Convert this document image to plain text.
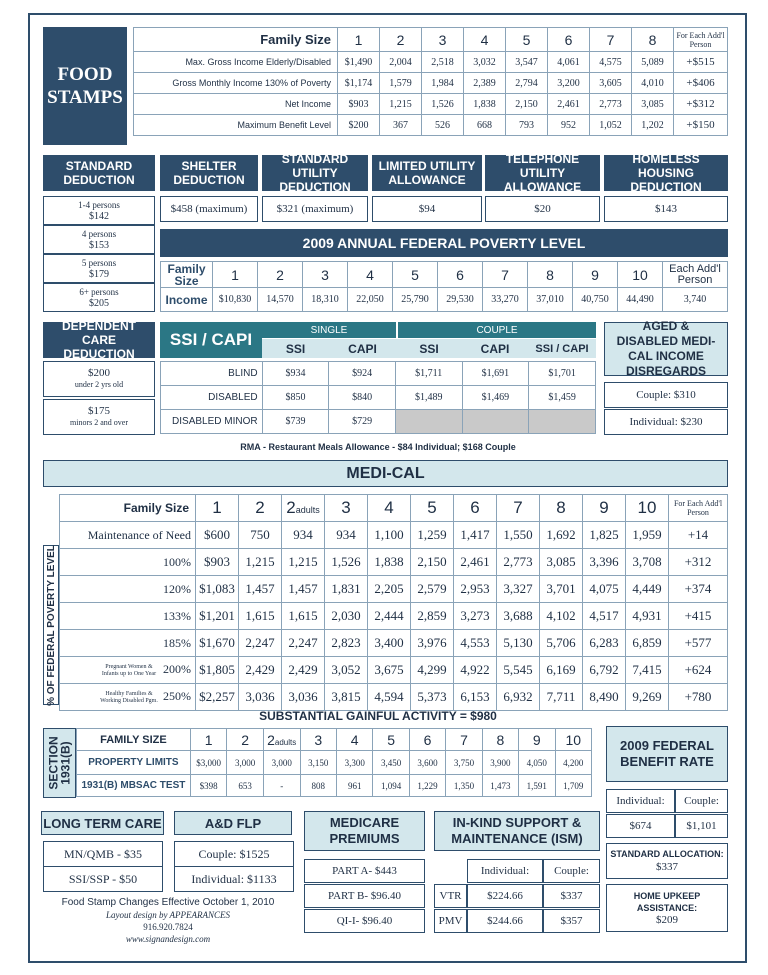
FOOD
STAMPS
Family Size	1	2	3	4	5	6	7	8	For Each Add'l Person
Max. Gross Income Elderly/Disabled	$1,490	2,004	2,518	3,032	3,547	4,061	4,575	5,089	+$515
Gross Monthly Income 130% of Poverty	$1,174	1,579	1,984	2,389	2,794	3,200	3,605	4,010	+$406
Net Income	$903	1,215	1,526	1,838	2,150	2,461	2,773	3,085	+$312
Maximum Benefit Level	$200	367	526	668	793	952	1,052	1,202	+$150
STANDARD DEDUCTION
SHELTER DEDUCTION
STANDARD UTILITY DEDUCTION
LIMITED UTILITY ALLOWANCE
TELEPHONE UTILITY ALLOWANCE
HOMELESS HOUSING DEDUCTION
1-4 persons
$142
4 persons
$153
5 persons
$179
6+ persons
$205
$458 (maximum)	$321 (maximum)	$94	$20	$143
2009 ANNUAL FEDERAL POVERTY LEVEL
Family Size	1	2	3	4	5	6	7	8	9	10	Each Add'l Person
Income	$10,830	14,570	18,310	22,050	25,790	29,530	33,270	37,010	40,750	44,490	3,740
DEPENDENT CARE DEDUCTION
$200
under 2 yrs old
$175
minors 2 and over
SSI / CAPI	SINGLE	COUPLE
SSI	CAPI	SSI	CAPI	SSI / CAPI
BLIND	$934	$924	$1,711	$1,691	$1,701
DISABLED	$850	$840	$1,489	$1,469	$1,459
DISABLED MINOR	$739	$729			
AGED & DISABLED MEDI-CAL INCOME DISREGARDS
Couple: $310
Individual: $230
RMA - Restaurant Meals Allowance - $84 Individual; $168 Couple
MEDI-CAL
% OF FEDERAL POVERTY LEVEL
Family Size	1	2	2adults	3	4	5	6	7	8	9	10	For Each Add'l Person
Maintenance of Need	$600	750	934	934	1,100	1,259	1,417	1,550	1,692	1,825	1,959	+14
100%	$903	1,215	1,215	1,526	1,838	2,150	2,461	2,773	3,085	3,396	3,708	+312
120%	$1,083	1,457	1,457	1,831	2,205	2,579	2,953	3,327	3,701	4,075	4,449	+374
133%	$1,201	1,615	1,615	2,030	2,444	2,859	3,273	3,688	4,102	4,517	4,931	+415
185%	$1,670	2,247	2,247	2,823	3,400	3,976	4,553	5,130	5,706	6,283	6,859	+577
Pregnant Women & Infants up to One Year 200%	$1,805	2,429	2,429	3,052	3,675	4,299	4,922	5,545	6,169	6,792	7,415	+624
Healthy Families & Working Disabled Pgm. 250%	$2,257	3,036	3,036	3,815	4,594	5,373	6,153	6,932	7,711	8,490	9,269	+780
SUBSTANTIAL GAINFUL ACTIVITY = $980
SECTION
1931(B)
FAMILY SIZE	1	2	2adults	3	4	5	6	7	8	9	10
PROPERTY LIMITS	$3,000	3,000	3,000	3,150	3,300	3,450	3,600	3,750	3,900	4,050	4,200
1931(B) MBSAC TEST	$398	653	-	808	961	1,094	1,229	1,350	1,473	1,591	1,709
2009 FEDERAL BENEFIT RATE
Individual:	Couple:
$674	$1,101
STANDARD ALLOCATION:
$337
HOME UPKEEP
ASSISTANCE:
$209
LONG TERM CARE
MN/QMB - $35
SSI/SSP - $50
A&D FLP
Couple: $1525
Individual: $1133
MEDICARE PREMIUMS
PART A- $443
PART B- $96.40
QI-I- $96.40
IN-KIND SUPPORT & MAINTENANCE (ISM)
Individual:	Couple:
VTR	$224.66	$337
PMV	$244.66	$357
Food Stamp Changes Effective October 1, 2010
Layout design by APPEARANCES
916.920.7824
www.signandesign.com
